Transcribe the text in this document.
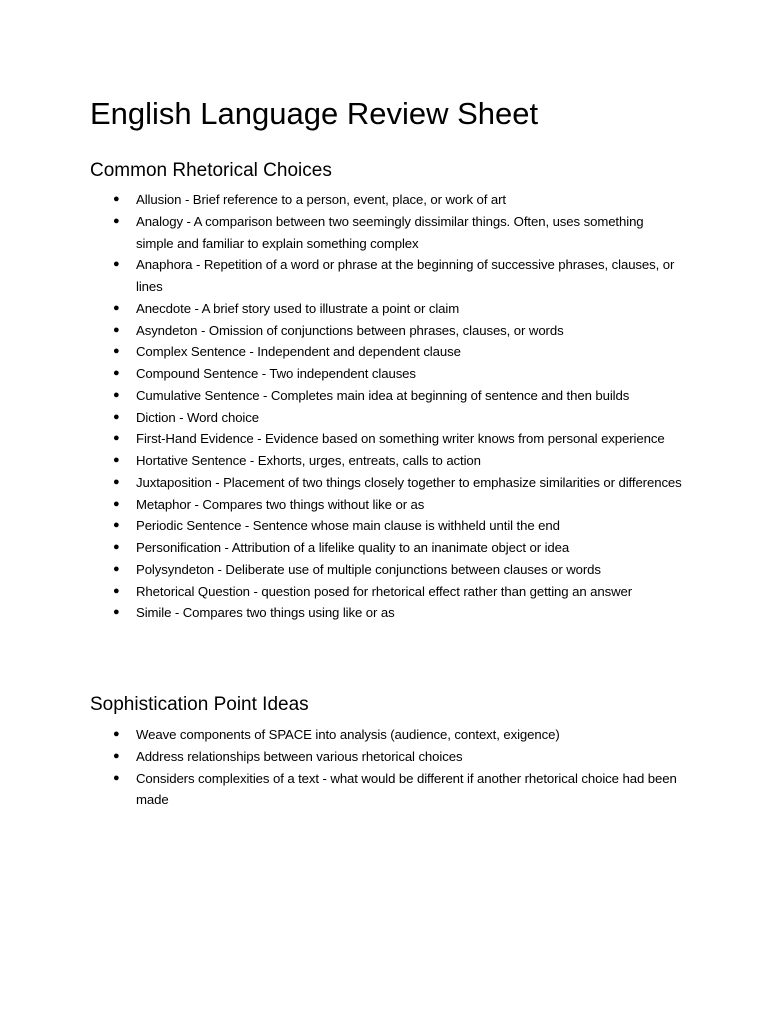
English Language Review Sheet
Common Rhetorical Choices
● Allusion - Brief reference to a person, event, place, or work of art
● Analogy - A comparison between two seemingly dissimilar things. Often, uses something simple and familiar to explain something complex
● Anaphora - Repetition of a word or phrase at the beginning of successive phrases, clauses, or lines
● Anecdote - A brief story used to illustrate a point or claim
● Asyndeton - Omission of conjunctions between phrases, clauses, or words
● Complex Sentence - Independent and dependent clause
● Compound Sentence - Two independent clauses
● Cumulative Sentence - Completes main idea at beginning of sentence and then builds
● Diction - Word choice
● First-Hand Evidence - Evidence based on something writer knows from personal experience
● Hortative Sentence - Exhorts, urges, entreats, calls to action
● Juxtaposition - Placement of two things closely together to emphasize similarities or differences
● Metaphor - Compares two things without like or as
● Periodic Sentence - Sentence whose main clause is withheld until the end
● Personification - Attribution of a lifelike quality to an inanimate object or idea
● Polysyndeton - Deliberate use of multiple conjunctions between clauses or words
● Rhetorical Question - question posed for rhetorical effect rather than getting an answer
● Simile - Compares two things using like or as
Sophistication Point Ideas
● Weave components of SPACE into analysis (audience, context, exigence)
● Address relationships between various rhetorical choices
● Considers complexities of a text - what would be different if another rhetorical choice had been made
